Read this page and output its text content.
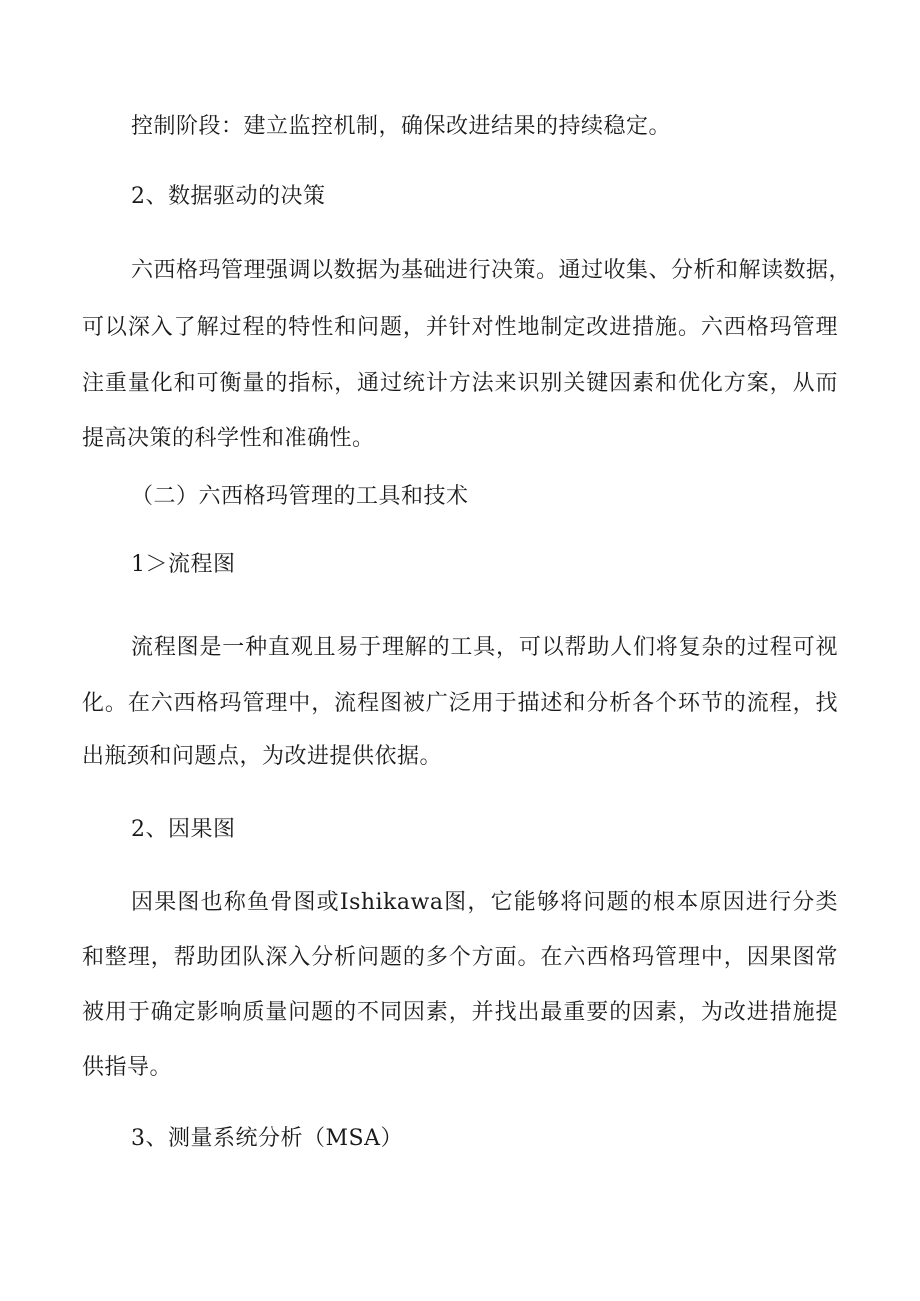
控制阶段：建立监控机制，确保改进结果的持续稳定。
2、数据驱动的决策
六西格玛管理强调以数据为基础进行决策。通过收集、分析和解读数据，
可以深入了解过程的特性和问题，并针对性地制定改进措施。六西格玛管理
注重量化和可衡量的指标，通过统计方法来识别关键因素和优化方案，从而
提高决策的科学性和准确性。
（二）六西格玛管理的工具和技术
1＞流程图
流程图是一种直观且易于理解的工具，可以帮助人们将复杂的过程可视
化。在六西格玛管理中，流程图被广泛用于描述和分析各个环节的流程，找
出瓶颈和问题点，为改进提供依据。
2、因果图
因果图也称鱼骨图或Ishikawa图，它能够将问题的根本原因进行分类
和整理，帮助团队深入分析问题的多个方面。在六西格玛管理中，因果图常
被用于确定影响质量问题的不同因素，并找出最重要的因素，为改进措施提
供指导。
3、测量系统分析（MSA）
